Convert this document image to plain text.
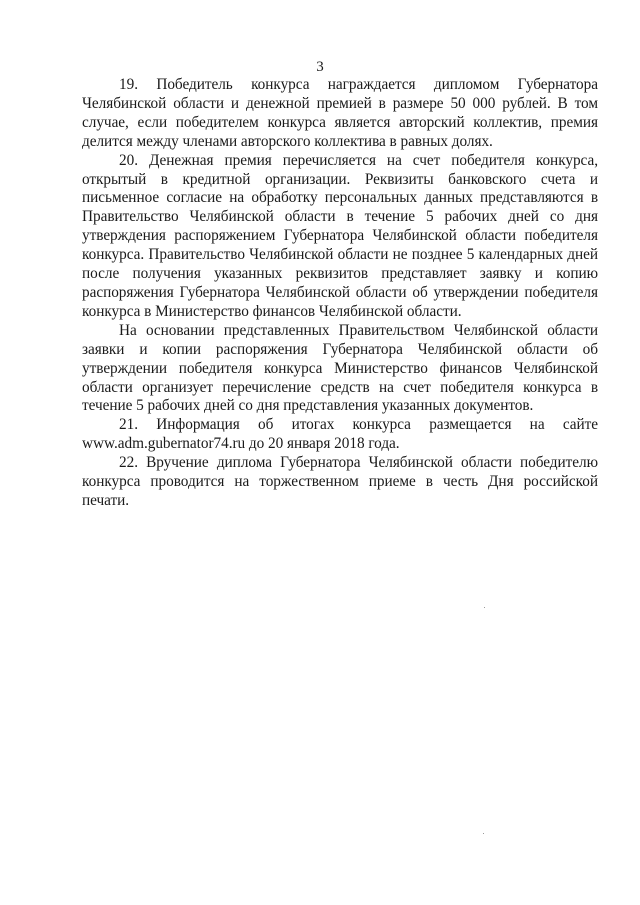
3

19. Победитель конкурса награждается дипломом Губернатора Челябинской области и денежной премией в размере 50 000 рублей. В том случае, если победителем конкурса является авторский коллектив, премия делится между членами авторского коллектива в равных долях.

20. Денежная премия перечисляется на счет победителя конкурса, открытый в кредитной организации. Реквизиты банковского счета и письменное согласие на обработку персональных данных представляются в Правительство Челябинской области в течение 5 рабочих дней со дня утверждения распоряжением Губернатора Челябинской области победителя конкурса. Правительство Челябинской области не позднее 5 календарных дней после получения указанных реквизитов представляет заявку и копию распоряжения Губернатора Челябинской области об утверждении победителя конкурса в Министерство финансов Челябинской области.

На основании представленных Правительством Челябинской области заявки и копии распоряжения Губернатора Челябинской области об утверждении победителя конкурса Министерство финансов Челябинской области организует перечисление средств на счет победителя конкурса в течение 5 рабочих дней со дня представления указанных документов.

21. Информация об итогах конкурса размещается на сайте www.adm.gubernator74.ru до 20 января 2018 года.

22. Вручение диплома Губернатора Челябинской области победителю конкурса проводится на торжественном приеме в честь Дня российской печати.
